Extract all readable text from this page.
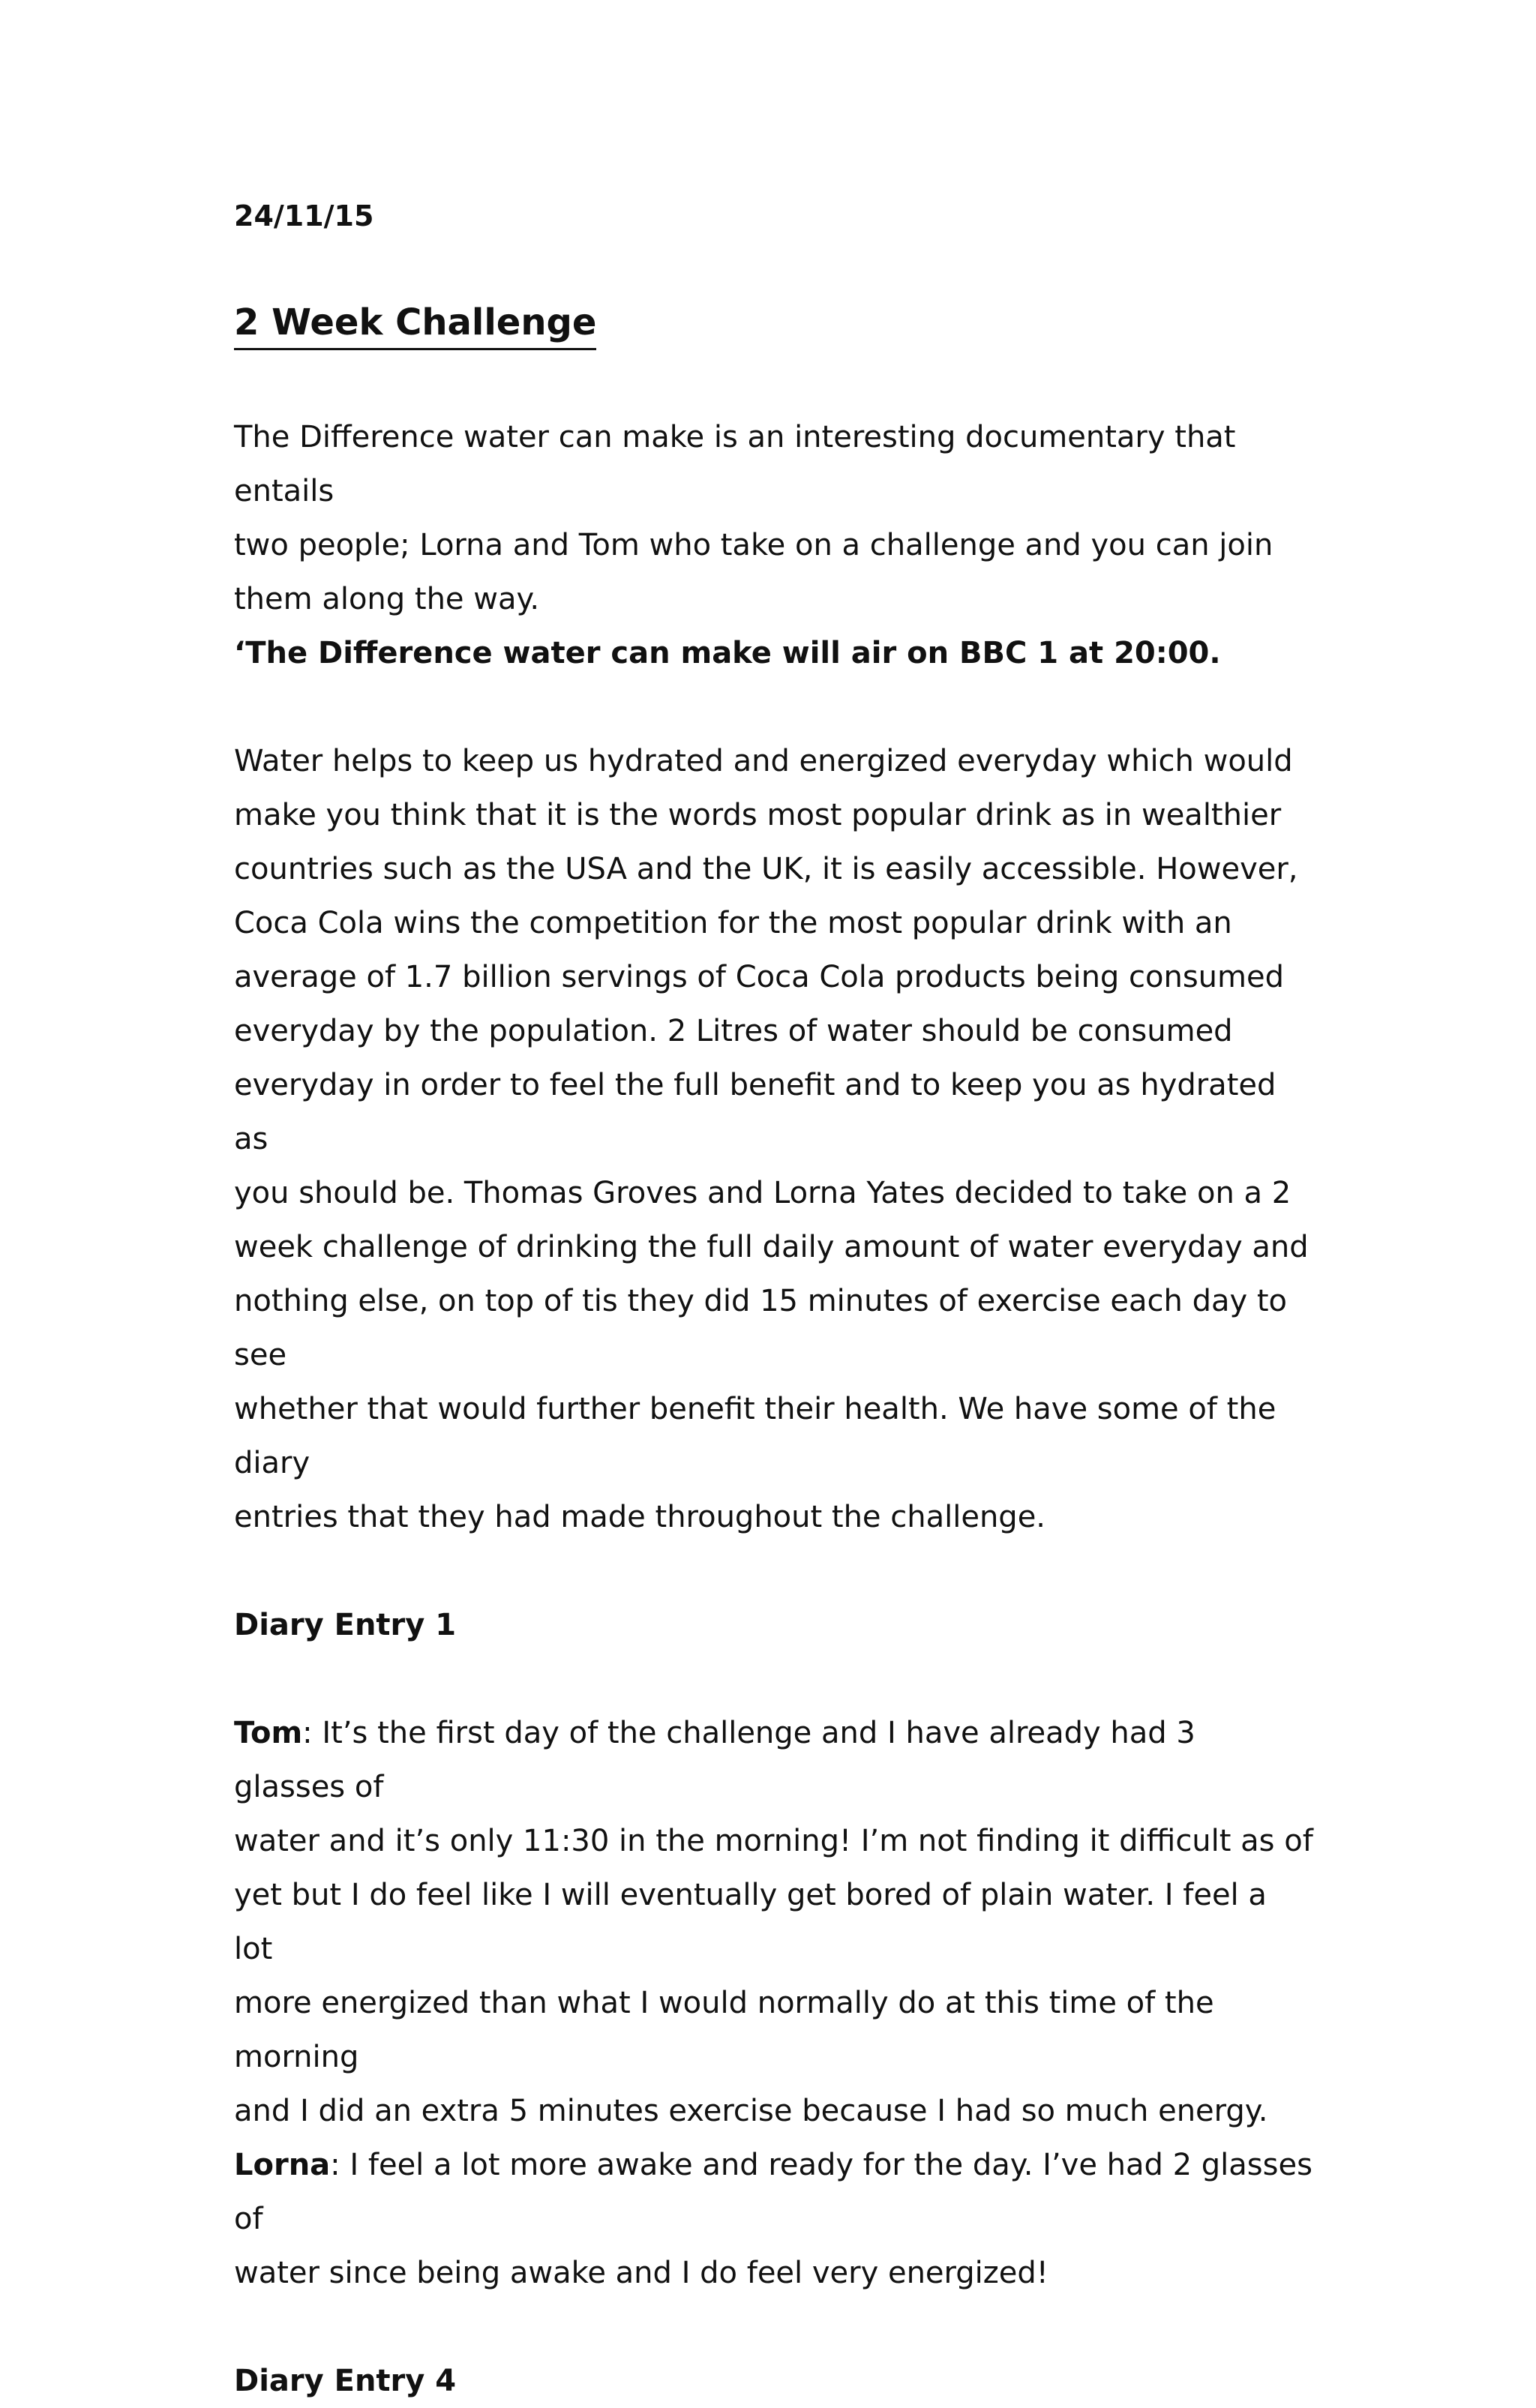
24/11/15

2 Week Challenge

The Difference water can make is an interesting documentary that entails

two people; Lorna and Tom who take on a challenge and you can join

them along the way.

‘The Difference water can make will air on BBC 1 at 20:00.

Water helps to keep us hydrated and energized everyday which would

make you think that it is the words most popular drink as in wealthier

countries such as the USA and the UK, it is easily accessible. However,

Coca Cola wins the competition for the most popular drink with an

average of 1.7 billion servings of Coca Cola products being consumed

everyday by the population. 2 Litres of water should be consumed

everyday in order to feel the full benefit and to keep you as hydrated as

you should be. Thomas Groves and Lorna Yates decided to take on a 2

week challenge of drinking the full daily amount of water everyday and

nothing else, on top of tis they did 15 minutes of exercise each day to see

whether that would further benefit their health. We have some of the diary

entries that they had made throughout the challenge.

Diary Entry 1

Tom: It’s the first day of the challenge and I have already had 3 glasses of

water and it’s only 11:30 in the morning! I’m not finding it difficult as of

yet but I do feel like I will eventually get bored of plain water. I feel a lot

more energized than what I would normally do at this time of the morning

and I did an extra 5 minutes exercise because I had so much energy.

Lorna: I feel a lot more awake and ready for the day. I’ve had 2 glasses of

water since being awake and I do feel very energized!

Diary Entry 4
